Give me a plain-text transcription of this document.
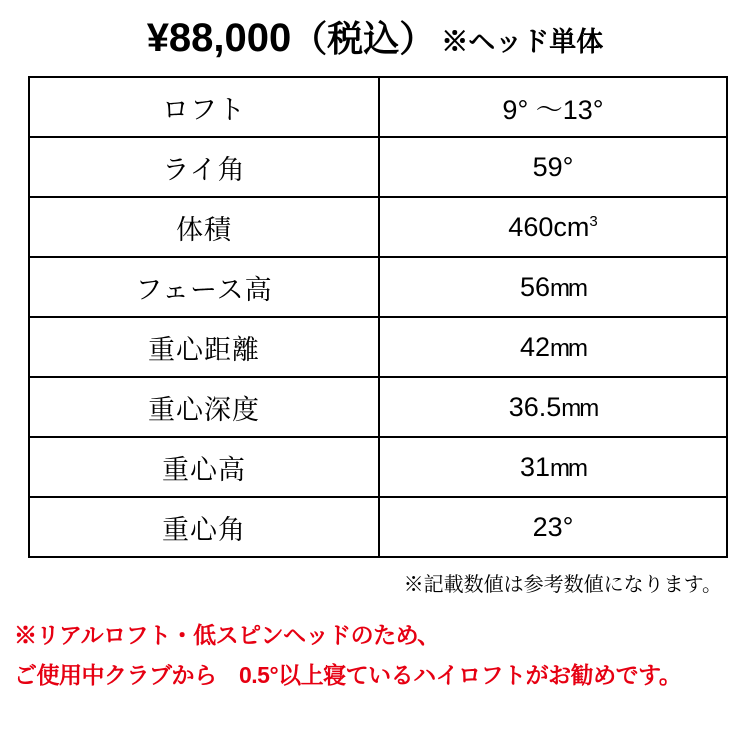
¥88,000 （税込） ※ヘッド単体
ロフト	9° ～13°
ライ角	59°
体積	$460cm^3$
フェース高	56mm
重心距離	42mm
重心深度	36.5mm
重心高	31mm
重心角	23°
※記載数値は参考数値になります。
※リアルロフト・低スピンヘッドのため、
ご使用中クラブから　0.5°以上寝ているハイロフトがお勧めです。
